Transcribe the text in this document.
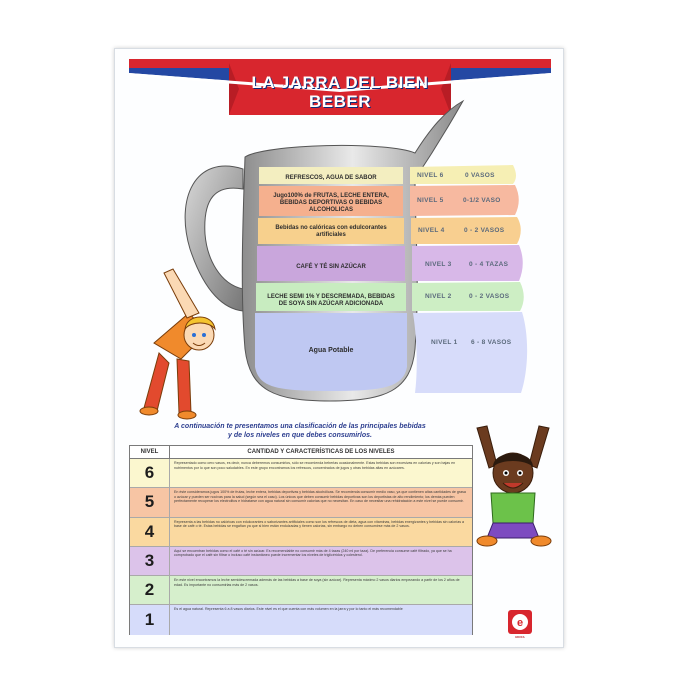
LA JARRA DEL BIEN
BEBER
REFRESCOS, AGUA DE SABOR
Jugo100% de FRUTAS, LECHE ENTERA, BEBIDAS DEPORTIVAS O BEBIDAS ALCOHOLICAS
Bebidas no calóricas con edulcorantes artificiales
CAFÉ Y TÉ SIN AZÚCAR
LECHE SEMI 1% Y DESCREMADA, BEBIDAS DE SOYA SIN AZÚCAR ADICIONADA
Agua Potable
NIVEL 6	0 VASOS
NIVEL 5	0-1/2 VASO
NIVEL 4	0 - 2 VASOS
NIVEL 3	0 - 4 TAZAS
NIVEL 2	0 - 2 VASOS
NIVEL 1 6 - 8 VASOS
A continuación te presentamos una clasificación de las principales bebidas
y de los niveles en que debes consumirlos.
NIVEL	CANTIDAD Y CARACTERÍSTICAS DE LOS NIVELES
6
Representado como cero vasos, es decir, nunca deberemos consumirlos, sólo se recomienda beberlas ocasionalmente. Estas bebidas son excesivas en calorías y son bajas en nutrimentos por lo que son poco saludables. En este grupo encontramos los refrescos, concentrados de jugos y otras bebidas altas en azúcares.
5
En éste consideramos jugos 100% de frutas, leche entera, bebidas deportivas y bebidas alcohólicas. Se recomienda consumir medio vaso, ya que contienen altas cantidades de grasa o azúcar y pueden ser nocivas para la salud (según sea el caso). Los únicos que deben consumir bebidas deportivas son los deportistas de alto rendimiento; los demás pueden perfectamente recuperar los electrolitos e hidratarse con agua natural sin consumir calorías que no necesitan. En caso de necesitar una rehidratación a este nivel se puede consumir.
4
Representa a las bebidas no calóricas con edulcorantes o saborizantes artificiales como son los refrescos de dieta, agua con vitaminas, bebidas energizantes y bebidas sin calorías a base de café o té. Estas bebidas se engañan ya que si bien están endulzadas y tienen calorías, sin embargo no deben consumirse más de 2 vasos.
3
Aquí se encuentran bebidas como el café o té sin azúcar. Es recomendable no consumir más de 4 tazas (240 ml por taza). De preferencia consume café filtrado, ya que se ha comprobado que el café sin filtrar o incluso café instantáneo puede incrementar los niveles de triglicéridos y colesterol.
2
En este nivel encontramos la leche semidescremada además de las bebidas a base de soya (sin azúcar). Representa máximo 2 vasos diarios empezando a partir de los 2 años de edad. Es importante no consumirlas más de 2 vasos.
1
Es el agua natural. Representa 6 a 8 vasos diarios. Este nivel es el que cuenta con más volumen en la jarra y por lo tanto el más recomendable
e
EDUCA
